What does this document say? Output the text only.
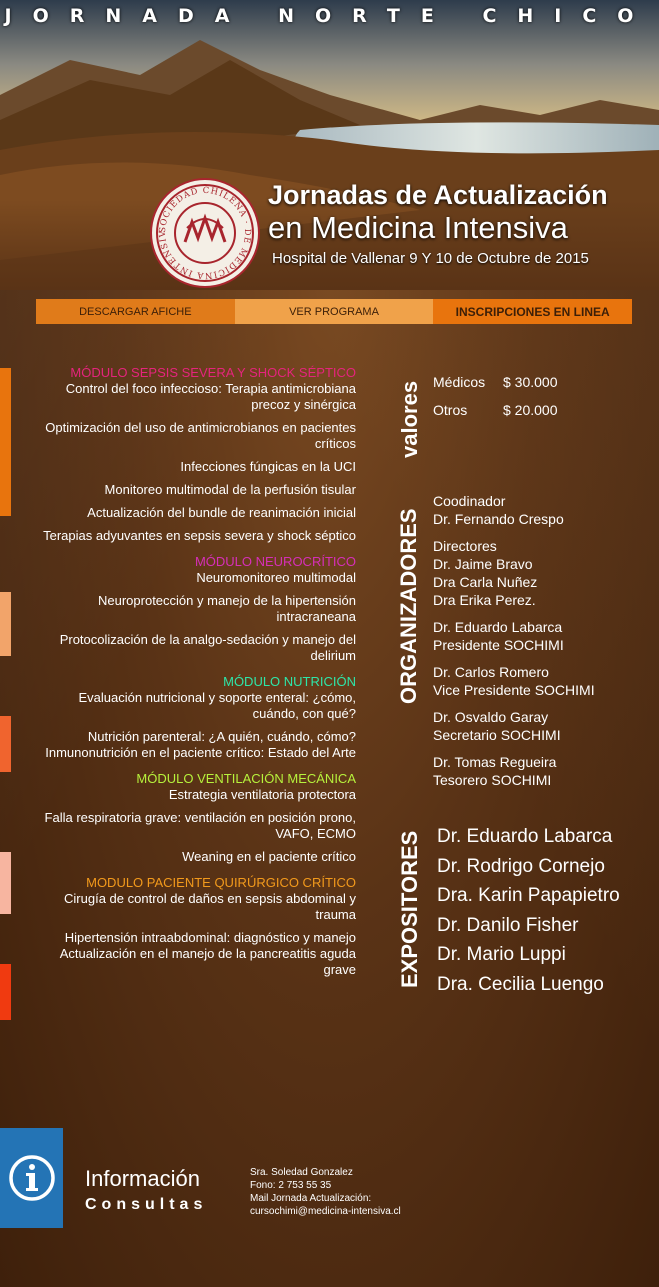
JORNADA NORTE CHICO
SOCIEDAD CHILENA · DE MEDICINA INTENSIV
Jornadas de Actualización
en Medicina Intensiva
Hospital de Vallenar 9 Y 10 de Octubre de 2015
DESCARGAR AFICHE	VER PROGRAMA	INSCRIPCIONES EN LINEA
MÓDULO SEPSIS SEVERA Y SHOCK SÉPTICO
Control del foco infeccioso: Terapia antimicrobiana precoz y sinérgica
Optimización del uso de antimicrobianos en pacientes críticos
Infecciones fúngicas en la UCI
Monitoreo multimodal de la perfusión tisular
Actualización del bundle de reanimación inicial
Terapias adyuvantes en sepsis severa y shock séptico
MÓDULO NEUROCRÍTICO
Neuromonitoreo multimodal
Neuroprotección y manejo de la hipertensión intracraneana
Protocolización de la analgo-sedación y manejo del delirium
MÓDULO NUTRICIÓN
Evaluación nutricional y soporte enteral: ¿cómo, cuándo, con qué?
Nutrición parenteral: ¿A quién, cuándo, cómo? Inmunonutrición en el paciente crítico: Estado del Arte
MÓDULO VENTILACIÓN MECÁNICA
Estrategia ventilatoria protectora
Falla respiratoria grave: ventilación en posición prono, VAFO, ECMO
Weaning en el paciente crítico
MODULO PACIENTE QUIRÚRGICO CRÍTICO
Cirugía de control de daños en sepsis abdominal y trauma
Hipertensión intraabdominal: diagnóstico y manejo Actualización en el manejo de la pancreatitis aguda grave
valores
ORGANIZADORES
EXPOSITORES
Médicos	$ 30.000
Otros	$ 20.000
Coodinador
Dr. Fernando Crespo
Directores
Dr. Jaime Bravo
Dra Carla Nuñez
Dra Erika Perez.
Dr. Eduardo Labarca
Presidente SOCHIMI
Dr. Carlos Romero
Vice Presidente SOCHIMI
Dr. Osvaldo Garay
Secretario SOCHIMI
Dr. Tomas Regueira
Tesorero SOCHIMI
Dr. Eduardo Labarca
Dr. Rodrigo Cornejo
Dra. Karin Papapietro
Dr. Danilo Fisher
Dr. Mario Luppi
Dra. Cecilia Luengo
Información
Consultas
Sra. Soledad Gonzalez
Fono: 2 753 55 35
Mail Jornada Actualización:
cursochimi@medicina-intensiva.cl
